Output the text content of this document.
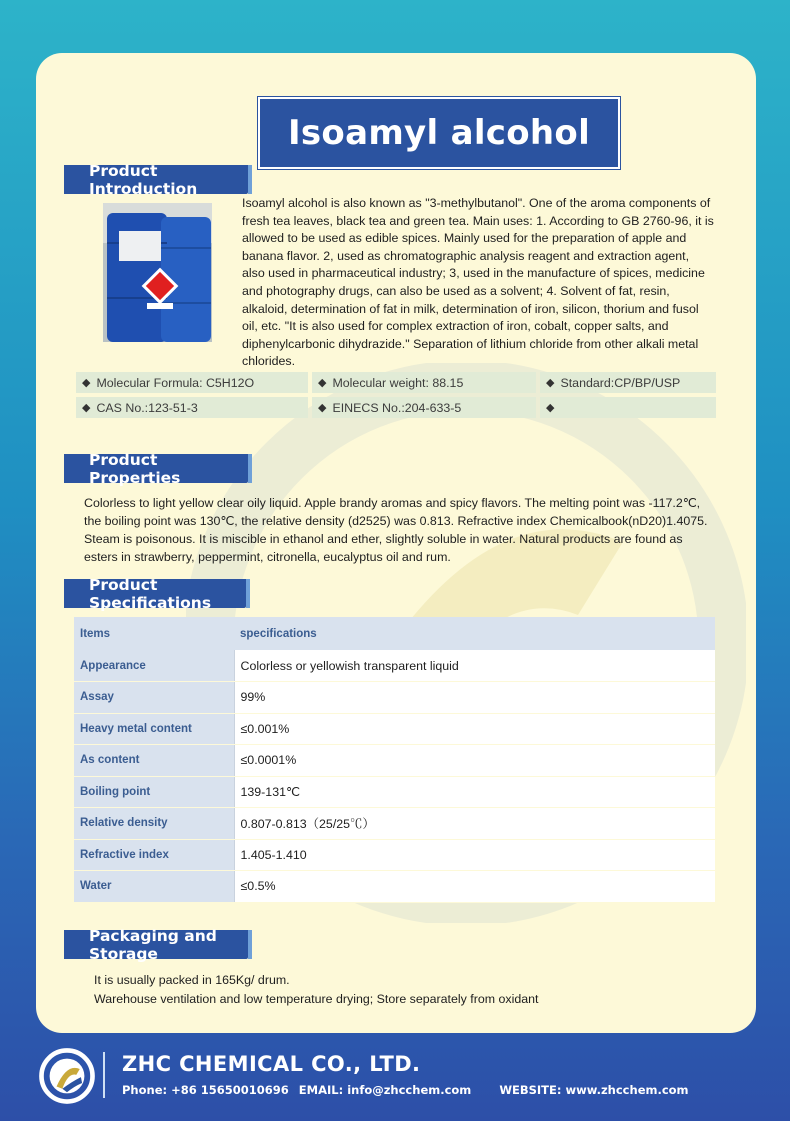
Isoamyl alcohol
Product Introduction
Product Properties
Product Specifications
Packaging and Storage
Isoamyl alcohol is also known as "3-methylbutanol". One of the aroma components of fresh tea leaves, black tea and green tea. Main uses: 1. According to GB 2760-96, it is allowed to be used as edible spices. Mainly used for the preparation of apple and banana flavor. 2, used as chromatographic analysis reagent and extraction agent, also used in pharmaceutical industry; 3, used in the manufacture of spices, medicine and photography drugs, can also be used as a solvent; 4. Solvent of fat, resin, alkaloid, determination of fat in milk, determination of iron, silicon, thorium and fusol oil, etc. "It is also used for complex extraction of iron, cobalt, copper salts, and diphenylcarbonic dihydrazide." Separation of lithium chloride from other alkali metal chlorides.
◆ Molecular Formula: C5H12O	◆ Molecular weight: 88.15	◆ Standard:CP/BP/USP
◆ CAS No.:123-51-3	◆ EINECS No.:204-633-5	◆
Colorless to light yellow clear oily liquid. Apple brandy aromas and spicy flavors. The melting point was -117.2℃, the boiling point was 130℃, the relative density (d2525) was 0.813. Refractive index Chemicalbook(nD20)1.4075. Steam is poisonous. It is miscible in ethanol and ether, slightly soluble in water. Natural products are found as esters in strawberry, peppermint, citronella, eucalyptus oil and rum.
Items	specifications
Appearance	Colorless or yellowish transparent liquid
Assay	99%
Heavy metal content	≤0.001%
As content	≤0.0001%
Boiling point	139-131℃
Relative density	0.807-0.813（25/25℃）
Refractive index	1.405-1.410
Water	≤0.5%
It is usually packed in 165Kg/ drum.
Warehouse ventilation and low temperature drying; Store separately from oxidant
ZHC CHEMICAL CO., LTD.
Phone: +86 15650010696 EMAIL: info@zhcchem.com WEBSITE: www.zhcchem.com
